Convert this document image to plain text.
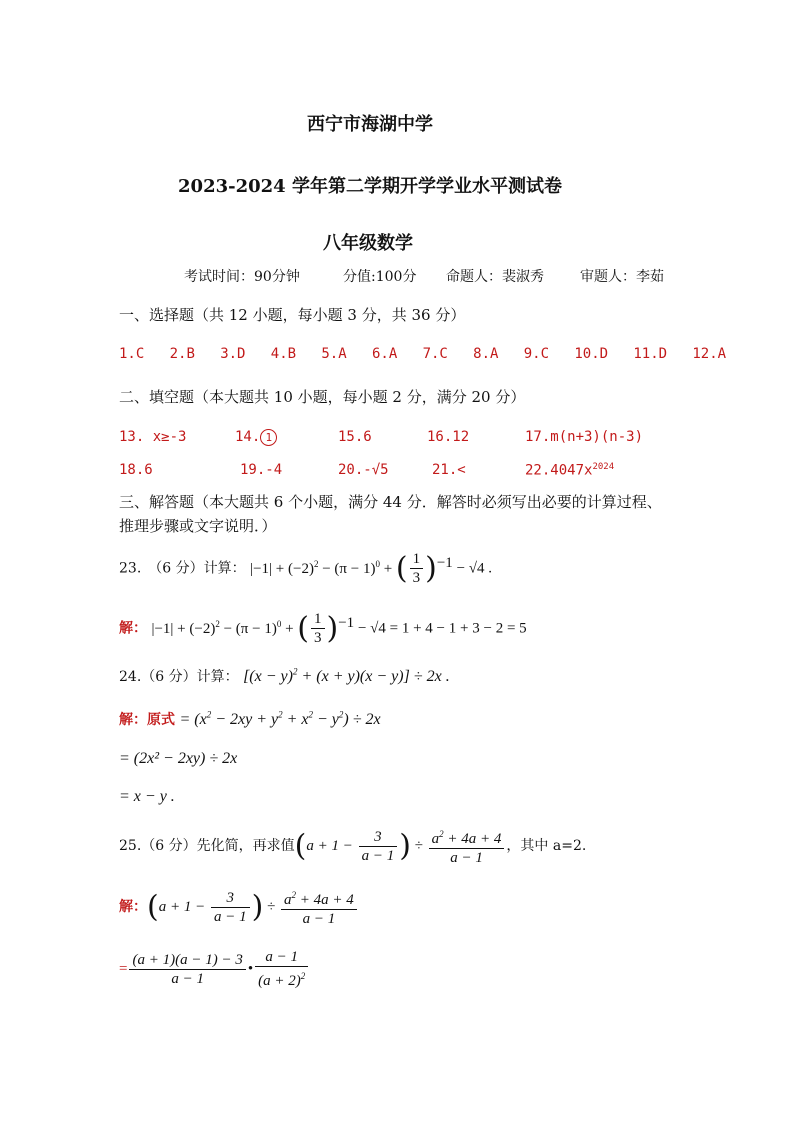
西宁市海湖中学
2023-2024 学年第二学期开学学业水平测试卷
八年级数学
考试时间：90分钟	分值:100分 命题人：裴淑秀	审题人：李茹
一、选择题（共 12 小题，每小题 3 分，共 36 分）
1.C 2.B 3.D 4.B 5.A 6.A 7.C 8.A 9.C 10.D 11.D 12.A
二、填空题（本大题共 10 小题，每小题 2 分，满分 20 分）
13. x≥-3	14. 1	15.6	16.12	17.m(n+3)(n-3)
18.6	19.-4	20.-√5	21.<	$22.4047x^{2024}$
三、解答题（本大题共 6 个小题，满分 44 分．解答时必须写出必要的计算过程、
推理步骤或文字说明．）
23.　（6 分）计算： $|-1| + (-2)^2 - (\pi - 1)^0$ + ( $\frac{1}{3} )^{-1} - √4$ .
解： $|-1| + (-2)^2 - (\pi - 1)^0$ + ( $\frac{1}{3} )^{-1} - √4 = 1 + 4 - 1 + 3 - 2 = 5$
24.（6 分）计算： $[(x - y)^2 + (x + y)(x - y)] \div 2x$ .
解：原式 = $(x^2 - 2xy + y^2 + x^2 - y^2) \div 2x$
= (2x² − 2xy) ÷ 2x
= x − y .
25.（6 分）先化简，再求值($a + 1 - \frac{3}{a - 1}$ ) ÷ $\frac{a^2 + 4a + 4}{a - 1}$ ，其中 a=2.
解：($a + 1 - \frac{3}{a - 1}$ ) ÷ $\frac{a^2 + 4a + 4}{a - 1}$
= $\frac{(a + 1)(a - 1) - 3}{a - 1}$ • $\frac{a - 1}{(a + 2)^2}$
